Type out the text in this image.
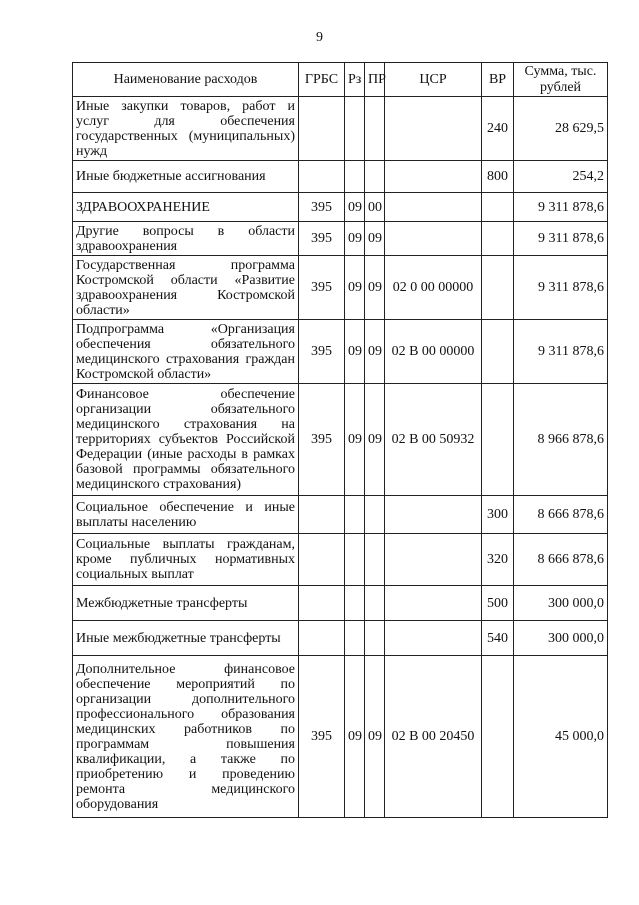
9
Наименование расходов	ГРБС	Рз	ПР	ЦСР	ВР	Сумма, тыс. рублей
Иные закупки товаров, работ и услуг для обеспечения государственных (муниципальных) нужд					240	28 629,5
Иные бюджетные ассигнования					800	254,2
ЗДРАВООХРАНЕНИЕ	395	09	00			9 311 878,6
Другие вопросы в области здравоохранения	395	09	09			9 311 878,6
Государственная программа Костромской области «Развитие здравоохранения Костромской области»	395	09	09	02 0 00 00000		9 311 878,6
Подпрограмма «Организация обеспечения обязательного медицинского страхования граждан Костромской области»	395	09	09	02 В 00 00000		9 311 878,6
Финансовое обеспечение организации обязательного медицинского страхования на территориях субъектов Российской Федерации (иные расходы в рамках базовой программы обязательного медицинского страхования)	395	09	09	02 В 00 50932		8 966 878,6
Социальное обеспечение и иные выплаты населению					300	8 666 878,6
Социальные выплаты гражданам, кроме публичных нормативных социальных выплат					320	8 666 878,6
Межбюджетные трансферты					500	300 000,0
Иные межбюджетные трансферты					540	300 000,0
Дополнительное финансовое обеспечение мероприятий по организации дополнительного профессионального образования медицинских работников по программам повышения квалификации, а также по приобретению и проведению ремонта медицинского оборудования	395	09	09	02 В 00 20450		45 000,0
